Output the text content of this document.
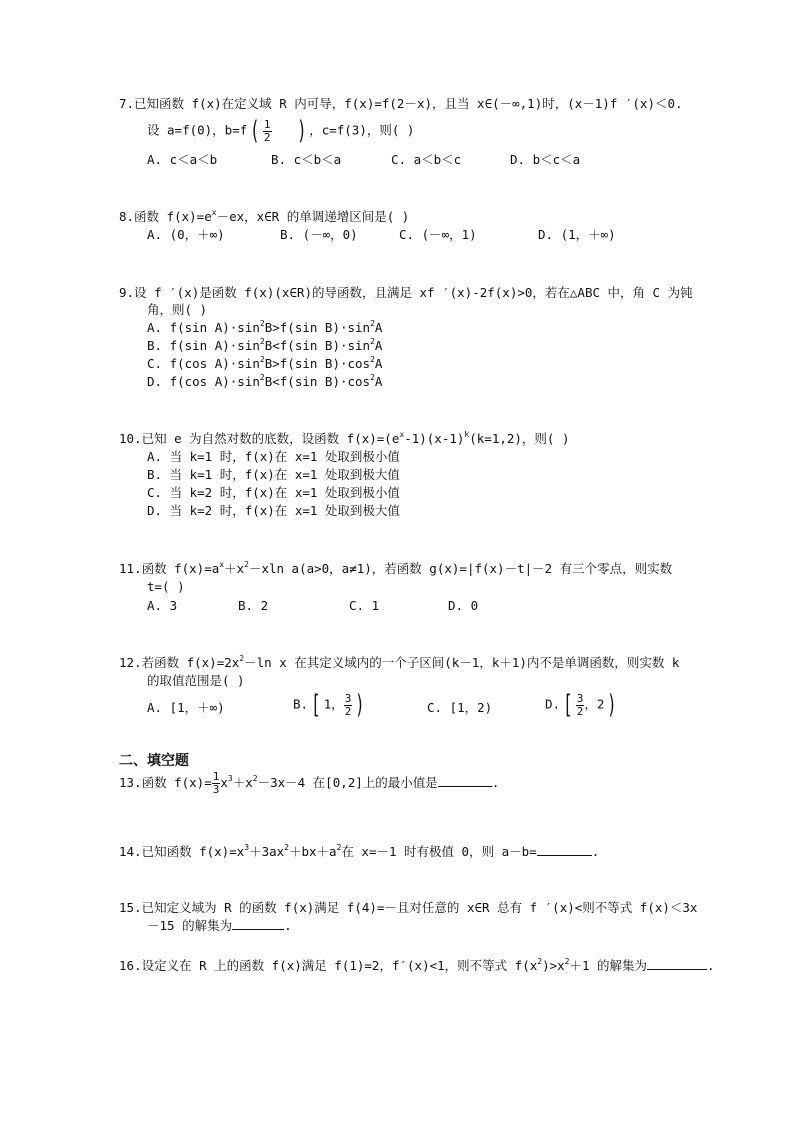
7.已知函数 f(x)在定义域 R 内可导，f(x)=f(2－x)，且当 x∈(－∞,1)时，(x－1)f ′(x)＜0.
设 a=f(0)，b=f ( $\frac{1}{2}$ ) ，c=f(3)，则( )
A. c＜a＜b	B. c＜b＜a	C. a＜b＜c	D. b＜c＜a
8.函数 $f(x)=e^x-ex$，x∈R 的单调递增区间是( )
A. (0，＋∞)	B. (－∞，0)	C. (－∞，1)	D. (1，＋∞)
9.设 f ′(x)是函数 f(x)(x∈R)的导函数，且满足 xf ′(x)-2f(x)>0，若在△ABC 中，角 C 为钝
角，则( )
A. f(sin $A)\cdot\sin^2B>f(\sin$ $B)\cdot\sin^2A$
B. f(sin $A)\cdot\sin^2B<f(\sin$ $B)\cdot\sin^2A$
C. f(cos $A)\cdot\sin^2B>f(\sin$ $B)\cdot\cos^2A$
D. f(cos $A)\cdot\sin^2B<f(\sin$ $B)\cdot\cos^2A$
10.已知 e 为自然对数的底数，设函数 $f(x)=(e^x-1)(x-1)^k(k=1,2)$，则( )
A. 当 k=1 时，f(x)在 x=1 处取到极小值
B. 当 k=1 时，f(x)在 x=1 处取到极大值
C. 当 k=2 时，f(x)在 x=1 处取到极小值
D. 当 k=2 时，f(x)在 x=1 处取到极大值
11.函数 $f(x)=a^x+x^2-xln$ a(a>0，a≠1)，若函数 g(x)=|f(x)－t|－2 有三个零点，则实数
t=( )
A. 3	B. 2	C. 1	D. 0
12.若函数 $f(x)=2x^2-\ln$ x 在其定义域内的一个子区间(k－1，k＋1)内不是单调函数，则实数 k
的取值范围是( )
A. [1，＋∞)	B. [ 1， $\frac{3}{2}$ )	C. [1，2)	D. [ $\frac{3}{2}$ ，2 )
二、填空题
13.函数 $f(x)= \frac{1}{3} x^3+x^2-3x-4$ 在[0,2]上的最小值是	.
14.已知函数 $f(x)=x^3+3ax^2+bx+a^2$在 x=－1 时有极值 0，则 a－b=	.
15.已知定义域为 R 的函数 f(x)满足 f(4)=－且对任意的 x∈R 总有 f ′(x)<则不等式 f(x)＜3x
－15 的解集为	.
16.设定义在 R 上的函数 f(x)满足 f(1)=2，f′(x)<1，则不等式 $f(x^2)>x^2+1$ 的解集为	.
